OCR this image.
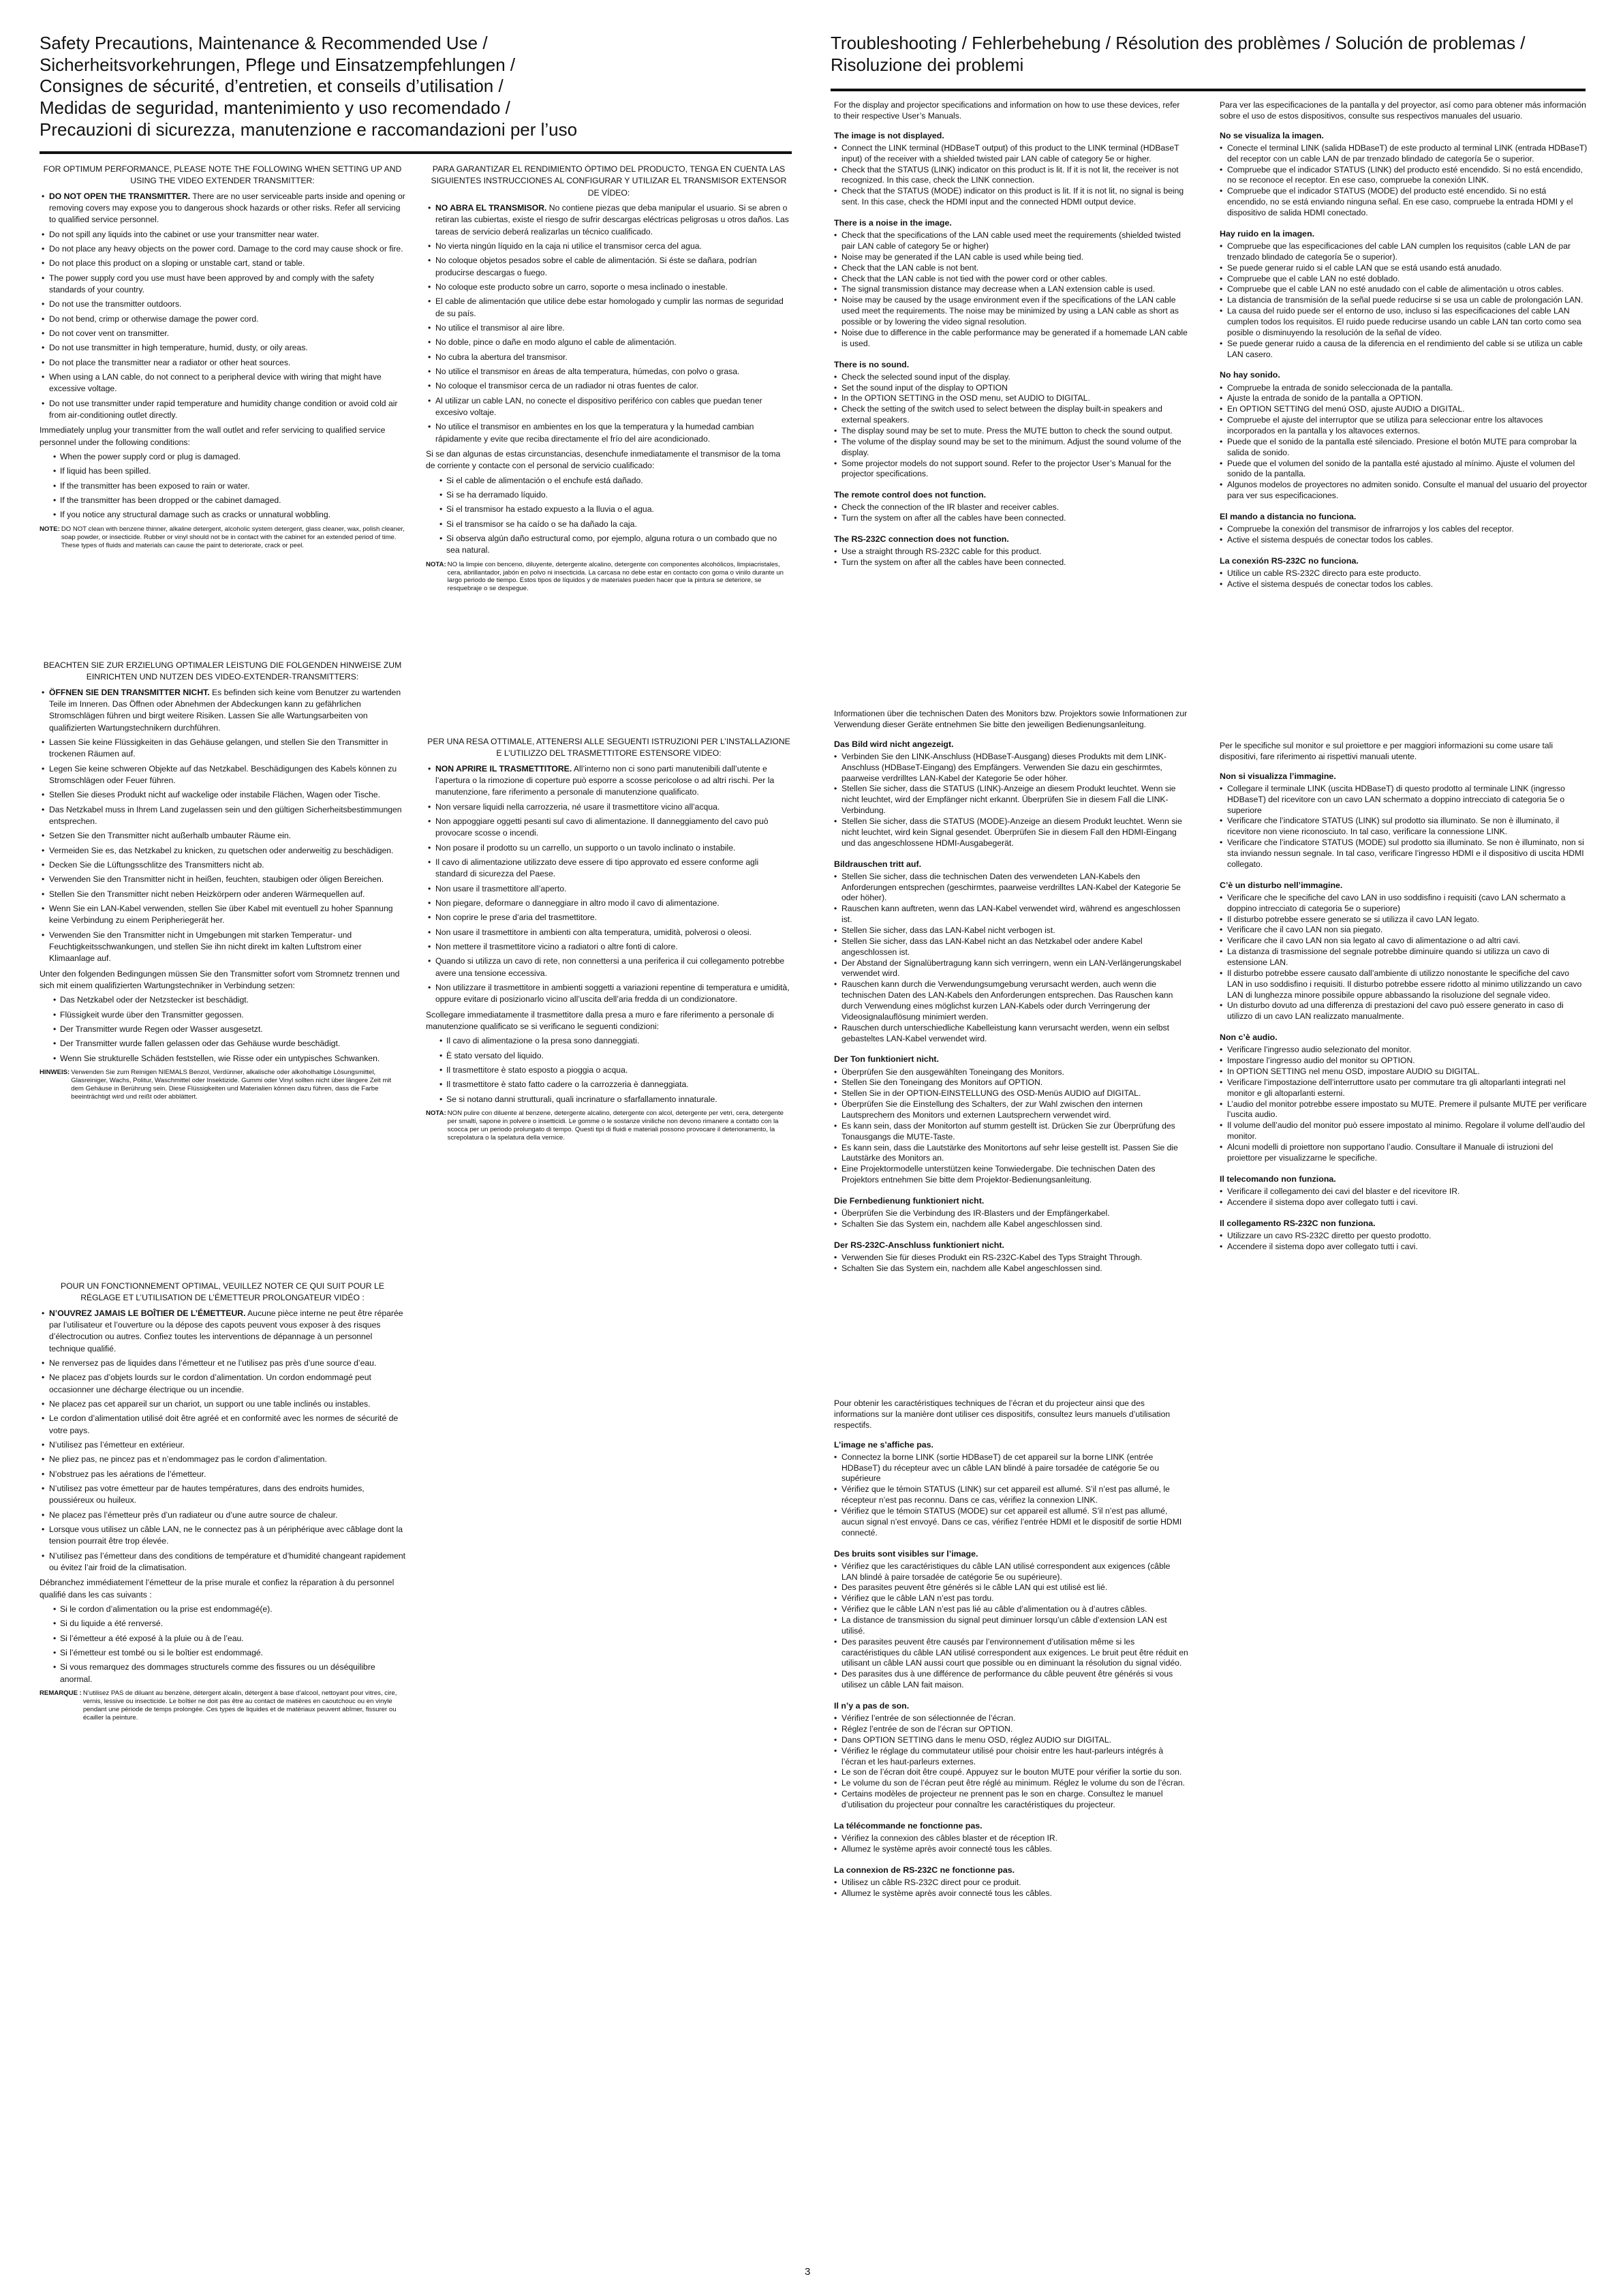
Safety Precautions, Maintenance & Recommended Use /
Sicherheitsvorkehrungen, Pflege und Einsatzempfehlungen /
Consignes de sécurité, d’entretien, et conseils d’utilisation /
Medidas de seguridad, mantenimiento y uso recomendado /
Precauzioni di sicurezza, manutenzione e raccomandazioni per l’uso
Troubleshooting / Fehlerbehebung / Résolution des problèmes / Solución de problemas /
Risoluzione dei problemi

FOR OPTIMUM PERFORMANCE, PLEASE NOTE THE FOLLOWING WHEN SETTING UP AND USING THE VIDEO EXTENDER TRANSMITTER:

• DO NOT OPEN THE TRANSMITTER. There are no user serviceable parts inside and opening or removing covers may expose you to dangerous shock hazards or other risks. Refer all servicing to qualified service personnel.
• Do not spill any liquids into the cabinet or use your transmitter near water.
• Do not place any heavy objects on the power cord. Damage to the cord may cause shock or fire.
• Do not place this product on a sloping or unstable cart, stand or table.
• The power supply cord you use must have been approved by and comply with the safety standards of your country.
• Do not use the transmitter outdoors.
• Do not bend, crimp or otherwise damage the power cord.
• Do not cover vent on transmitter.
• Do not use transmitter in high temperature, humid, dusty, or oily areas.
• Do not place the transmitter near a radiator or other heat sources.
• When using a LAN cable, do not connect to a peripheral device with wiring that might have excessive voltage.
• Do not use transmitter under rapid temperature and humidity change condition or avoid cold air from air-conditioning outlet directly.

Immediately unplug your transmitter from the wall outlet and refer servicing to qualified service personnel under the following conditions:

• When the power supply cord or plug is damaged.
• If liquid has been spilled.
• If the transmitter has been exposed to rain or water.
• If the transmitter has been dropped or the cabinet damaged.
• If you notice any structural damage such as cracks or unnatural wobbling.
NOTE: DO NOT clean with benzene thinner, alkaline detergent, alcoholic system detergent, glass cleaner, wax, polish cleaner, soap powder, or insecticide. Rubber or vinyl should not be in contact with the cabinet for an extended period of time. These types of fluids and materials can cause the paint to deteriorate, crack or peel.

BEACHTEN SIE ZUR ERZIELUNG OPTIMALER LEISTUNG DIE FOLGENDEN HINWEISE ZUM EINRICHTEN UND NUTZEN DES VIDEO-EXTENDER-TRANSMITTERS:

• ÖFFNEN SIE DEN TRANSMITTER NICHT. Es befinden sich keine vom Benutzer zu wartenden Teile im Inneren. Das Öffnen oder Abnehmen der Abdeckungen kann zu gefährlichen Stromschlägen führen und birgt weitere Risiken. Lassen Sie alle Wartungsarbeiten von qualifizierten Wartungstechnikern durchführen.
• Lassen Sie keine Flüssigkeiten in das Gehäuse gelangen, und stellen Sie den Transmitter in trockenen Räumen auf.
• Legen Sie keine schweren Objekte auf das Netzkabel. Beschädigungen des Kabels können zu Stromschlägen oder Feuer führen.
• Stellen Sie dieses Produkt nicht auf wackelige oder instabile Flächen, Wagen oder Tische.
• Das Netzkabel muss in Ihrem Land zugelassen sein und den gültigen Sicherheitsbestimmungen entsprechen.
• Setzen Sie den Transmitter nicht außerhalb umbauter Räume ein.
• Vermeiden Sie es, das Netzkabel zu knicken, zu quetschen oder anderweitig zu beschädigen.
• Decken Sie die Lüftungsschlitze des Transmitters nicht ab.
• Verwenden Sie den Transmitter nicht in heißen, feuchten, staubigen oder öligen Bereichen.
• Stellen Sie den Transmitter nicht neben Heizkörpern oder anderen Wärmequellen auf.
• Wenn Sie ein LAN-Kabel verwenden, stellen Sie über Kabel mit eventuell zu hoher Spannung keine Verbindung zu einem Peripheriegerät her.
• Verwenden Sie den Transmitter nicht in Umgebungen mit starken Temperatur- und Feuchtigkeitsschwankungen, und stellen Sie ihn nicht direkt im kalten Luftstrom einer Klimaanlage auf.

Unter den folgenden Bedingungen müssen Sie den Transmitter sofort vom Stromnetz trennen und sich mit einem qualifizierten Wartungstechniker in Verbindung setzen:

• Das Netzkabel oder der Netzstecker ist beschädigt.
• Flüssigkeit wurde über den Transmitter gegossen.
• Der Transmitter wurde Regen oder Wasser ausgesetzt.
• Der Transmitter wurde fallen gelassen oder das Gehäuse wurde beschädigt.
• Wenn Sie strukturelle Schäden feststellen, wie Risse oder ein untypisches Schwanken.
HINWEIS: Verwenden Sie zum Reinigen NIEMALS Benzol, Verdünner, alkalische oder alkoholhaltige Lösungsmittel, Glasreiniger, Wachs, Politur, Waschmittel oder Insektizide. Gummi oder Vinyl sollten nicht über längere Zeit mit dem Gehäuse in Berührung sein. Diese Flüssigkeiten und Materialien können dazu führen, dass die Farbe beeinträchtigt wird und reißt oder abblättert.

POUR UN FONCTIONNEMENT OPTIMAL, VEUILLEZ NOTER CE QUI SUIT POUR LE RÉGLAGE ET L’UTILISATION DE L’ÉMETTEUR PROLONGATEUR VIDÉO :

• N’OUVREZ JAMAIS LE BOÎTIER DE L’ÉMETTEUR. Aucune pièce interne ne peut être réparée par l’utilisateur et l’ouverture ou la dépose des capots peuvent vous exposer à des risques d’électrocution ou autres. Confiez toutes les interventions de dépannage à un personnel technique qualifié.
• Ne renversez pas de liquides dans l’émetteur et ne l’utilisez pas près d’une source d’eau.
• Ne placez pas d’objets lourds sur le cordon d’alimentation. Un cordon endommagé peut occasionner une décharge électrique ou un incendie.
• Ne placez pas cet appareil sur un chariot, un support ou une table inclinés ou instables.
• Le cordon d’alimentation utilisé doit être agréé et en conformité avec les normes de sécurité de votre pays.
• N’utilisez pas l’émetteur en extérieur.
• Ne pliez pas, ne pincez pas et n’endommagez pas le cordon d’alimentation.
• N’obstruez pas les aérations de l’émetteur.
• N’utilisez pas votre émetteur par de hautes températures, dans des endroits humides, poussiéreux ou huileux.
• Ne placez pas l’émetteur près d’un radiateur ou d’une autre source de chaleur.
• Lorsque vous utilisez un câble LAN, ne le connectez pas à un périphérique avec câblage dont la tension pourrait être trop élevée.
• N’utilisez pas l’émetteur dans des conditions de température et d’humidité changeant rapidement ou évitez l’air froid de la climatisation.

Débranchez immédiatement l’émetteur de la prise murale et confiez la réparation à du personnel qualifié dans les cas suivants :

• Si le cordon d’alimentation ou la prise est endommagé(e).
• Si du liquide a été renversé.
• Si l’émetteur a été exposé à la pluie ou à de l’eau.
• Si l’émetteur est tombé ou si le boîtier est endommagé.
• Si vous remarquez des dommages structurels comme des fissures ou un déséquilibre anormal.
REMARQUE : N’utilisez PAS de diluant au benzène, détergent alcalin, détergent à base d’alcool, nettoyant pour vitres, cire, vernis, lessive ou insecticide. Le boîtier ne doit pas être au contact de matières en caoutchouc ou en vinyle pendant une période de temps prolongée. Ces types de liquides et de matériaux peuvent abîmer, fissurer ou écailler la peinture.

PARA GARANTIZAR EL RENDIMIENTO ÓPTIMO DEL PRODUCTO, TENGA EN CUENTA LAS SIGUIENTES INSTRUCCIONES AL CONFIGURAR Y UTILIZAR EL TRANSMISOR EXTENSOR DE VÍDEO:

• NO ABRA EL TRANSMISOR. No contiene piezas que deba manipular el usuario. Si se abren o retiran las cubiertas, existe el riesgo de sufrir descargas eléctricas peligrosas u otros daños. Las tareas de servicio deberá realizarlas un técnico cualificado.
• No vierta ningún líquido en la caja ni utilice el transmisor cerca del agua.
• No coloque objetos pesados sobre el cable de alimentación. Si éste se dañara, podrían producirse descargas o fuego.
• No coloque este producto sobre un carro, soporte o mesa inclinado o inestable.
• El cable de alimentación que utilice debe estar homologado y cumplir las normas de seguridad de su país.
• No utilice el transmisor al aire libre.
• No doble, pince o dañe en modo alguno el cable de alimentación.
• No cubra la abertura del transmisor.
• No utilice el transmisor en áreas de alta temperatura, húmedas, con polvo o grasa.
• No coloque el transmisor cerca de un radiador ni otras fuentes de calor.
• Al utilizar un cable LAN, no conecte el dispositivo periférico con cables que puedan tener excesivo voltaje.
• No utilice el transmisor en ambientes en los que la temperatura y la humedad cambian rápidamente y evite que reciba directamente el frío del aire acondicionado.

Si se dan algunas de estas circunstancias, desenchufe inmediatamente el transmisor de la toma de corriente y contacte con el personal de servicio cualificado:

• Si el cable de alimentación o el enchufe está dañado.
• Si se ha derramado líquido.
• Si el transmisor ha estado expuesto a la lluvia o el agua.
• Si el transmisor se ha caído o se ha dañado la caja.
• Si observa algún daño estructural como, por ejemplo, alguna rotura o un combado que no sea natural.
NOTA: NO la limpie con benceno, diluyente, detergente alcalino, detergente con componentes alcohólicos, limpiacristales, cera, abrillantador, jabón en polvo ni insecticida. La carcasa no debe estar en contacto con goma o vinilo durante un largo periodo de tiempo. Estos tipos de líquidos y de materiales pueden hacer que la pintura se deteriore, se resquebraje o se despegue.

PER UNA RESA OTTIMALE, ATTENERSI ALLE SEGUENTI ISTRUZIONI PER L’INSTALLAZIONE E L’UTILIZZO DEL TRASMETTITORE ESTENSORE VIDEO:

• NON APRIRE IL TRASMETTITORE. All’interno non ci sono parti manutenibili dall’utente e l’apertura o la rimozione di coperture può esporre a scosse pericolose o ad altri rischi. Per la manutenzione, fare riferimento a personale di manutenzione qualificato.
• Non versare liquidi nella carrozzeria, né usare il trasmettitore vicino all’acqua.
• Non appoggiare oggetti pesanti sul cavo di alimentazione. Il danneggiamento del cavo può provocare scosse o incendi.
• Non posare il prodotto su un carrello, un supporto o un tavolo inclinato o instabile.
• Il cavo di alimentazione utilizzato deve essere di tipo approvato ed essere conforme agli standard di sicurezza del Paese.
• Non usare il trasmettitore all’aperto.
• Non piegare, deformare o danneggiare in altro modo il cavo di alimentazione.
• Non coprire le prese d’aria del trasmettitore.
• Non usare il trasmettitore in ambienti con alta temperatura, umidità, polverosi o oleosi.
• Non mettere il trasmettitore vicino a radiatori o altre fonti di calore.
• Quando si utilizza un cavo di rete, non connettersi a una periferica il cui collegamento potrebbe avere una tensione eccessiva.
• Non utilizzare il trasmettitore in ambienti soggetti a variazioni repentine di temperatura e umidità, oppure evitare di posizionarlo vicino all’uscita dell’aria fredda di un condizionatore.

Scollegare immediatamente il trasmettitore dalla presa a muro e fare riferimento a personale di manutenzione qualificato se si verificano le seguenti condizioni:

• Il cavo di alimentazione o la presa sono danneggiati.
• È stato versato del liquido.
• Il trasmettitore è stato esposto a pioggia o acqua.
• Il trasmettitore è stato fatto cadere o la carrozzeria è danneggiata.
• Se si notano danni strutturali, quali incrinature o sfarfallamento innaturale.
NOTA: NON pulire con diluente al benzene, detergente alcalino, detergente con alcol, detergente per vetri, cera, detergente per smalti, sapone in polvere o insetticidi. Le gomme o le sostanze viniliche non devono rimanere a contatto con la scocca per un periodo prolungato di tempo. Questi tipi di fluidi e materiali possono provocare il deterioramento, la screpolatura o la spelatura della vernice.

For the display and projector specifications and information on how to use these devices, refer to their respective User’s Manuals.

The image is not displayed.
• Connect the LINK terminal (HDBaseT output) of this product to the LINK terminal (HDBaseT input) of the receiver with a shielded twisted pair LAN cable of category 5e or higher.
• Check that the STATUS (LINK) indicator on this product is lit. If it is not lit, the receiver is not recognized. In this case, check the LINK connection.
• Check that the STATUS (MODE) indicator on this product is lit. If it is not lit, no signal is being sent. In this case, check the HDMI input and the connected HDMI output device.
There is a noise in the image.
• Check that the specifications of the LAN cable used meet the requirements (shielded twisted pair LAN cable of category 5e or higher)
• Noise may be generated if the LAN cable is used while being tied.
• Check that the LAN cable is not bent.
• Check that the LAN cable is not tied with the power cord or other cables.
• The signal transmission distance may decrease when a LAN extension cable is used.
• Noise may be caused by the usage environment even if the specifications of the LAN cable used meet the requirements. The noise may be minimized by using a LAN cable as short as possible or by lowering the video signal resolution.
• Noise due to difference in the cable performance may be generated if a homemade LAN cable is used.
There is no sound.
• Check the selected sound input of the display.
• Set the sound input of the display to OPTION
• In the OPTION SETTING in the OSD menu, set AUDIO to DIGITAL.
• Check the setting of the switch used to select between the display built-in speakers and external speakers.
• The display sound may be set to mute. Press the MUTE button to check the sound output.
• The volume of the display sound may be set to the minimum. Adjust the sound volume of the display.
• Some projector models do not support sound. Refer to the projector User’s Manual for the projector specifications.
The remote control does not function.
• Check the connection of the IR blaster and receiver cables.
• Turn the system on after all the cables have been connected.
The RS-232C connection does not function.
• Use a straight through RS-232C cable for this product.
• Turn the system on after all the cables have been connected.

Para ver las especificaciones de la pantalla y del proyector, así como para obtener más información sobre el uso de estos dispositivos, consulte sus respectivos manuales del usuario.

No se visualiza la imagen.
• Conecte el terminal LINK (salida HDBaseT) de este producto al terminal LINK (entrada HDBaseT) del receptor con un cable LAN de par trenzado blindado de categoría 5e o superior.
• Compruebe que el indicador STATUS (LINK) del producto esté encendido. Si no está encendido, no se reconoce el receptor. En ese caso, compruebe la conexión LINK.
• Compruebe que el indicador STATUS (MODE) del producto esté encendido. Si no está encendido, no se está enviando ninguna señal. En ese caso, compruebe la entrada HDMI y el dispositivo de salida HDMI conectado.
Hay ruido en la imagen.
• Compruebe que las especificaciones del cable LAN cumplen los requisitos (cable LAN de par trenzado blindado de categoría 5e o superior).
• Se puede generar ruido si el cable LAN que se está usando está anudado.
• Compruebe que el cable LAN no esté doblado.
• Compruebe que el cable LAN no esté anudado con el cable de alimentación u otros cables.
• La distancia de transmisión de la señal puede reducirse si se usa un cable de prolongación LAN.
• La causa del ruido puede ser el entorno de uso, incluso si las especificaciones del cable LAN cumplen todos los requisitos. El ruido puede reducirse usando un cable LAN tan corto como sea posible o disminuyendo la resolución de la señal de vídeo.
• Se puede generar ruido a causa de la diferencia en el rendimiento del cable si se utiliza un cable LAN casero.
No hay sonido.
• Compruebe la entrada de sonido seleccionada de la pantalla.
• Ajuste la entrada de sonido de la pantalla a OPTION.
• En OPTION SETTING del menú OSD, ajuste AUDIO a DIGITAL.
• Compruebe el ajuste del interruptor que se utiliza para seleccionar entre los altavoces incorporados en la pantalla y los altavoces externos.
• Puede que el sonido de la pantalla esté silenciado. Presione el botón MUTE para comprobar la salida de sonido.
• Puede que el volumen del sonido de la pantalla esté ajustado al mínimo. Ajuste el volumen del sonido de la pantalla.
• Algunos modelos de proyectores no admiten sonido. Consulte el manual del usuario del proyector para ver sus especificaciones.
El mando a distancia no funciona.
• Compruebe la conexión del transmisor de infrarrojos y los cables del receptor.
• Active el sistema después de conectar todos los cables.
La conexión RS-232C no funciona.
• Utilice un cable RS-232C directo para este producto.
• Active el sistema después de conectar todos los cables.

Informationen über die technischen Daten des Monitors bzw. Projektors sowie Informationen zur Verwendung dieser Geräte entnehmen Sie bitte den jeweiligen Bedienungsanleitung.

Das Bild wird nicht angezeigt.
• Verbinden Sie den LINK-Anschluss (HDBaseT-Ausgang) dieses Produkts mit dem LINK-Anschluss (HDBaseT-Eingang) des Empfängers. Verwenden Sie dazu ein geschirmtes, paarweise verdrilltes LAN-Kabel der Kategorie 5e oder höher.
• Stellen Sie sicher, dass die STATUS (LINK)-Anzeige an diesem Produkt leuchtet. Wenn sie nicht leuchtet, wird der Empfänger nicht erkannt. Überprüfen Sie in diesem Fall die LINK-Verbindung.
• Stellen Sie sicher, dass die STATUS (MODE)-Anzeige an diesem Produkt leuchtet. Wenn sie nicht leuchtet, wird kein Signal gesendet. Überprüfen Sie in diesem Fall den HDMI-Eingang und das angeschlossene HDMI-Ausgabegerät.
Bildrauschen tritt auf.
• Stellen Sie sicher, dass die technischen Daten des verwendeten LAN-Kabels den Anforderungen entsprechen (geschirmtes, paarweise verdrilltes LAN-Kabel der Kategorie 5e oder höher).
• Rauschen kann auftreten, wenn das LAN-Kabel verwendet wird, während es angeschlossen ist.
• Stellen Sie sicher, dass das LAN-Kabel nicht verbogen ist.
• Stellen Sie sicher, dass das LAN-Kabel nicht an das Netzkabel oder andere Kabel angeschlossen ist.
• Der Abstand der Signalübertragung kann sich verringern, wenn ein LAN-Verlängerungskabel verwendet wird.
• Rauschen kann durch die Verwendungsumgebung verursacht werden, auch wenn die technischen Daten des LAN-Kabels den Anforderungen entsprechen. Das Rauschen kann durch Verwendung eines möglichst kurzen LAN-Kabels oder durch Verringerung der Videosignalauflösung minimiert werden.
• Rauschen durch unterschiedliche Kabelleistung kann verursacht werden, wenn ein selbst gebasteltes LAN-Kabel verwendet wird.
Der Ton funktioniert nicht.
• Überprüfen Sie den ausgewählten Toneingang des Monitors.
• Stellen Sie den Toneingang des Monitors auf OPTION.
• Stellen Sie in der OPTION-EINSTELLUNG des OSD-Menüs AUDIO auf DIGITAL.
• Überprüfen Sie die Einstellung des Schalters, der zur Wahl zwischen den internen Lautsprechern des Monitors und externen Lautsprechern verwendet wird.
• Es kann sein, dass der Monitorton auf stumm gestellt ist. Drücken Sie zur Überprüfung des Tonausgangs die MUTE-Taste.
• Es kann sein, dass die Lautstärke des Monitortons auf sehr leise gestellt ist. Passen Sie die Lautstärke des Monitors an.
• Eine Projektormodelle unterstützen keine Tonwiedergabe. Die technischen Daten des Projektors entnehmen Sie bitte dem Projektor-Bedienungsanleitung.
Die Fernbedienung funktioniert nicht.
• Überprüfen Sie die Verbindung des IR-Blasters und der Empfängerkabel.
• Schalten Sie das System ein, nachdem alle Kabel angeschlossen sind.
Der RS-232C-Anschluss funktioniert nicht.
• Verwenden Sie für dieses Produkt ein RS-232C-Kabel des Typs Straight Through.
• Schalten Sie das System ein, nachdem alle Kabel angeschlossen sind.

Per le specifiche sul monitor e sul proiettore e per maggiori informazioni su come usare tali dispositivi, fare riferimento ai rispettivi manuali utente.

Non si visualizza l’immagine.
• Collegare il terminale LINK (uscita HDBaseT) di questo prodotto al terminale LINK (ingresso HDBaseT) del ricevitore con un cavo LAN schermato a doppino intrecciato di categoria 5e o superiore
• Verificare che l’indicatore STATUS (LINK) sul prodotto sia illuminato. Se non è illuminato, il ricevitore non viene riconosciuto. In tal caso, verificare la connessione LINK.
• Verificare che l’indicatore STATUS (MODE) sul prodotto sia illuminato. Se non è illuminato, non si sta inviando nessun segnale. In tal caso, verificare l’ingresso HDMI e il dispositivo di uscita HDMI collegato.
C’è un disturbo nell’immagine.
• Verificare che le specifiche del cavo LAN in uso soddisfino i requisiti (cavo LAN schermato a doppino intrecciato di categoria 5e o superiore)
• Il disturbo potrebbe essere generato se si utilizza il cavo LAN legato.
• Verificare che il cavo LAN non sia piegato.
• Verificare che il cavo LAN non sia legato al cavo di alimentazione o ad altri cavi.
• La distanza di trasmissione del segnale potrebbe diminuire quando si utilizza un cavo di estensione LAN.
• Il disturbo potrebbe essere causato dall’ambiente di utilizzo nonostante le specifiche del cavo LAN in uso soddisfino i requisiti. Il disturbo potrebbe essere ridotto al minimo utilizzando un cavo LAN di lunghezza minore possibile oppure abbassando la risoluzione del segnale video.
• Un disturbo dovuto ad una differenza di prestazioni del cavo può essere generato in caso di utilizzo di un cavo LAN realizzato manualmente.
Non c’è audio.
• Verificare l’ingresso audio selezionato del monitor.
• Impostare l’ingresso audio del monitor su OPTION.
• In OPTION SETTING nel menu OSD, impostare AUDIO su DIGITAL.
• Verificare l’impostazione dell’interruttore usato per commutare tra gli altoparlanti integrati nel monitor e gli altoparlanti esterni.
• L’audio del monitor potrebbe essere impostato su MUTE. Premere il pulsante MUTE per verificare l’uscita audio.
• Il volume dell’audio del monitor può essere impostato al minimo. Regolare il volume dell’audio del monitor.
• Alcuni modelli di proiettore non supportano l’audio. Consultare il Manuale di istruzioni del proiettore per visualizzarne le specifiche.
Il telecomando non funziona.
• Verificare il collegamento dei cavi del blaster e del ricevitore IR.
• Accendere il sistema dopo aver collegato tutti i cavi.
Il collegamento RS-232C non funziona.
• Utilizzare un cavo RS-232C diretto per questo prodotto.
• Accendere il sistema dopo aver collegato tutti i cavi.

Pour obtenir les caractéristiques techniques de l’écran et du projecteur ainsi que des informations sur la manière dont utiliser ces dispositifs, consultez leurs manuels d’utilisation respectifs.

L’image ne s’affiche pas.
• Connectez la borne LINK (sortie HDBaseT) de cet appareil sur la borne LINK (entrée HDBaseT) du récepteur avec un câble LAN blindé à paire torsadée de catégorie 5e ou supérieure
• Vérifiez que le témoin STATUS (LINK) sur cet appareil est allumé. S’il n’est pas allumé, le récepteur n’est pas reconnu. Dans ce cas, vérifiez la connexion LINK.
• Vérifiez que le témoin STATUS (MODE) sur cet appareil est allumé. S’il n’est pas allumé, aucun signal n’est envoyé. Dans ce cas, vérifiez l’entrée HDMI et le dispositif de sortie HDMI connecté.
Des bruits sont visibles sur l’image.
• Vérifiez que les caractéristiques du câble LAN utilisé correspondent aux exigences (câble LAN blindé à paire torsadée de catégorie 5e ou supérieure).
• Des parasites peuvent être générés si le câble LAN qui est utilisé est lié.
• Vérifiez que le câble LAN n’est pas tordu.
• Vérifiez que le câble LAN n’est pas lié au câble d’alimentation ou à d’autres câbles.
• La distance de transmission du signal peut diminuer lorsqu’un câble d’extension LAN est utilisé.
• Des parasites peuvent être causés par l’environnement d’utilisation même si les caractéristiques du câble LAN utilisé correspondent aux exigences. Le bruit peut être réduit en utilisant un câble LAN aussi court que possible ou en diminuant la résolution du signal vidéo.
• Des parasites dus à une différence de performance du câble peuvent être générés si vous utilisez un câble LAN fait maison.
Il n’y a pas de son.
• Vérifiez l’entrée de son sélectionnée de l’écran.
• Réglez l’entrée de son de l’écran sur OPTION.
• Dans OPTION SETTING dans le menu OSD, réglez AUDIO sur DIGITAL.
• Vérifiez le réglage du commutateur utilisé pour choisir entre les haut-parleurs intégrés à l’écran et les haut-parleurs externes.
• Le son de l’écran doit être coupé. Appuyez sur le bouton MUTE pour vérifier la sortie du son.
• Le volume du son de l’écran peut être réglé au minimum. Réglez le volume du son de l’écran.
• Certains modèles de projecteur ne prennent pas le son en charge. Consultez le manuel d’utilisation du projecteur pour connaître les caractéristiques du projecteur.
La télécommande ne fonctionne pas.
• Vérifiez la connexion des câbles blaster et de réception IR.
• Allumez le système après avoir connecté tous les câbles.
La connexion de RS-232C ne fonctionne pas.
• Utilisez un câble RS-232C direct pour ce produit.
• Allumez le système après avoir connecté tous les câbles.
3
